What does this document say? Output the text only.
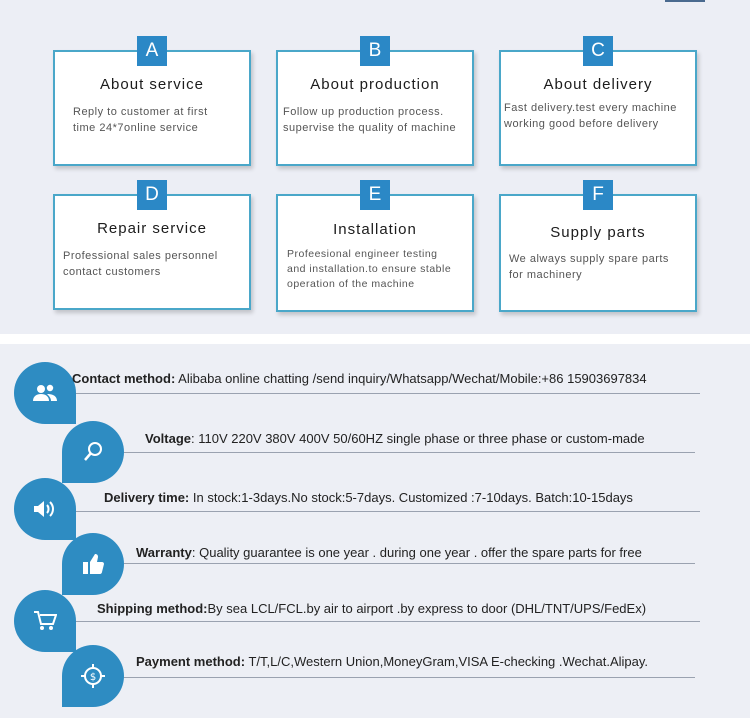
A
About service
Reply to customer at first
time 24*7online service
B
About production
Follow up production process.
supervise the quality of machine
C
About delivery
Fast delivery.test every machine
working good before delivery
D
Repair service
Professional sales personnel
contact customers
E
Installation
Profeesional engineer testing
and installation.to ensure stable
operation of the machine
F
Supply parts
We always supply spare parts
for machinery
Contact method: Alibaba online chatting /send inquiry/Whatsapp/Wechat/Mobile:+86 15903697834
Voltage: 110V 220V 380V 400V 50/60HZ single phase or three phase or custom-made
Delivery time: In stock:1-3days.No stock:5-7days. Customized :7-10days. Batch:10-15days
Warranty: Quality guarantee is one year . during one year . offer the spare parts for free
Shipping method:By sea LCL/FCL.by air to airport .by express to door (DHL/TNT/UPS/FedEx)
$
Payment method: T/T,L/C,Western Union,MoneyGram,VISA E-checking .Wechat.Alipay.
